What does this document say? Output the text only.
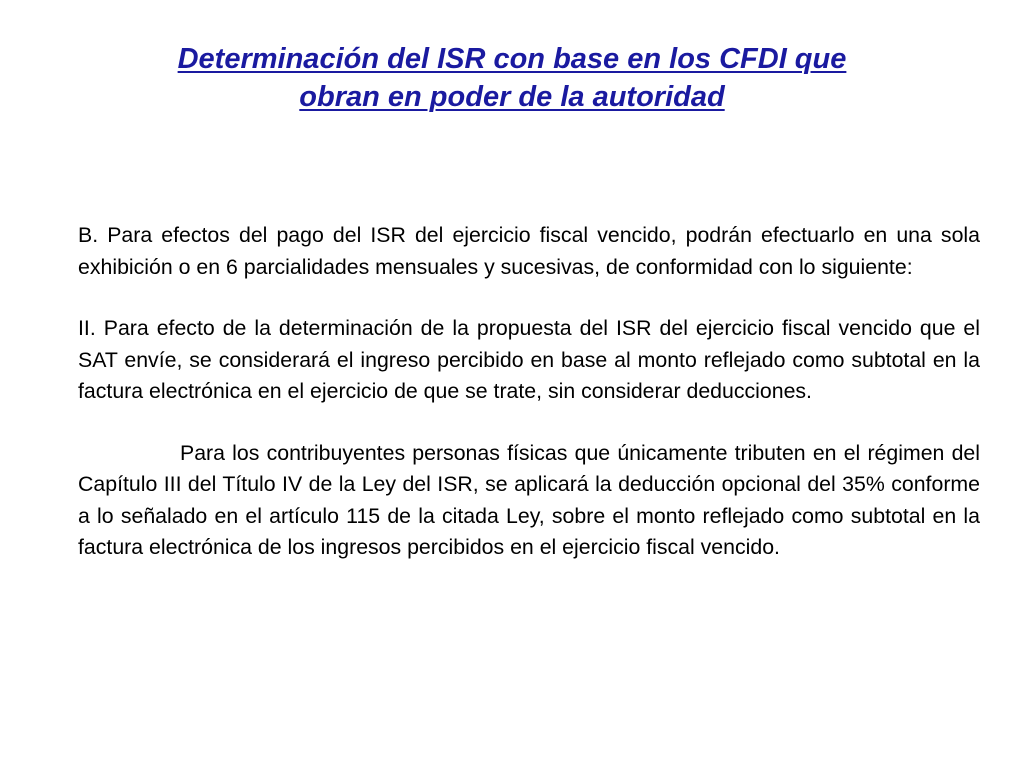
Determinación del ISR con base en los CFDI que
obran en poder de la autoridad

B. Para efectos del pago del ISR del ejercicio fiscal vencido, podrán efectuarlo en una sola exhibición o en 6 parcialidades mensuales y sucesivas, de conformidad con lo siguiente:

II. Para efecto de la determinación de la propuesta del ISR del ejercicio fiscal vencido que el SAT envíe, se considerará el ingreso percibido en base al monto reflejado como subtotal en la factura electrónica en el ejercicio de que se trate, sin considerar deducciones.

Para los contribuyentes personas físicas que únicamente tributen en el régimen del Capítulo III del Título IV de la Ley del ISR, se aplicará la deducción opcional del 35% conforme a lo señalado en el artículo 115 de la citada Ley, sobre el monto reflejado como subtotal en la factura electrónica de los ingresos percibidos en el ejercicio fiscal vencido.
